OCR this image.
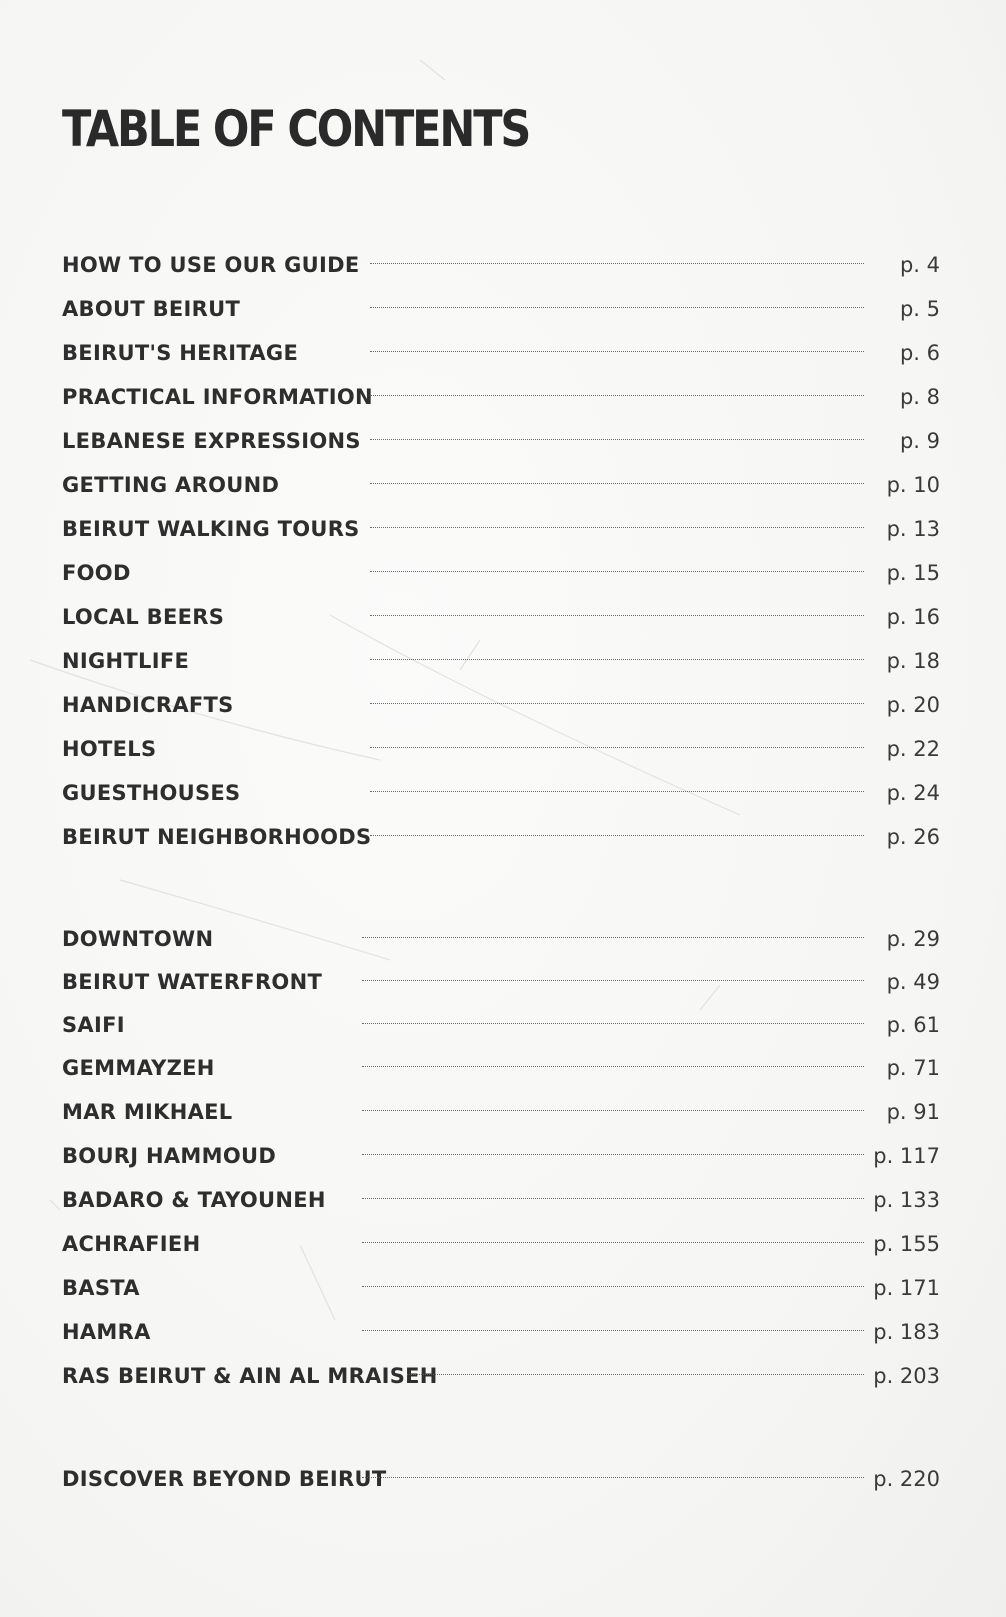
TABLE OF CONTENTS
HOW TO USE OUR GUIDE	p. 4
ABOUT BEIRUT	p. 5
BEIRUT'S HERITAGE	p. 6
PRACTICAL INFORMATION	p. 8
LEBANESE EXPRESSIONS	p. 9
GETTING AROUND	p. 10
BEIRUT WALKING TOURS	p. 13
FOOD	p. 15
LOCAL BEERS	p. 16
NIGHTLIFE	p. 18
HANDICRAFTS	p. 20
HOTELS	p. 22
GUESTHOUSES	p. 24
BEIRUT NEIGHBORHOODS	p. 26
DOWNTOWN	p. 29
BEIRUT WATERFRONT	p. 49
SAIFI	p. 61
GEMMAYZEH	p. 71
MAR MIKHAEL	p. 91
BOURJ HAMMOUD	p. 117
BADARO & TAYOUNEH	p. 133
ACHRAFIEH	p. 155
BASTA	p. 171
HAMRA	p. 183
RAS BEIRUT & AIN AL MRAISEH	p. 203
DISCOVER BEYOND BEIRUT	p. 220
